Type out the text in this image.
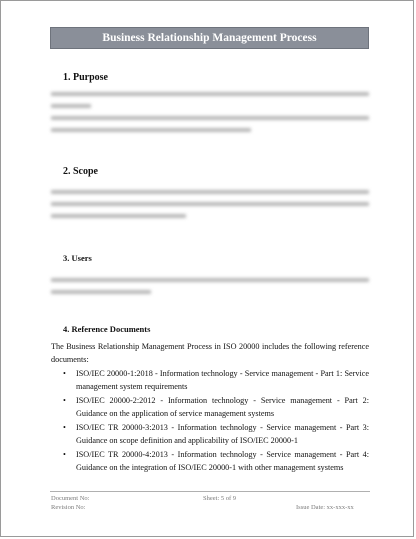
Business Relationship Management Process
1. Purpose
2. Scope
3. Users
4. Reference Documents
The Business Relationship Management Process in ISO 20000 includes the following reference documents:
• ISO/IEC 20000-1:2018 - Information technology - Service management - Part 1: Service management system requirements
• ISO/IEC 20000-2:2012 - Information technology - Service management - Part 2: Guidance on the application of service management systems
• ISO/IEC TR 20000-3:2013 - Information technology - Service management - Part 3: Guidance on scope definition and applicability of ISO/IEC 20000-1
• ISO/IEC TR 20000-4:2013 - Information technology - Service management - Part 4: Guidance on the integration of ISO/IEC 20000-1 with other management systems
Document No:
Revision No:
Sheet: 5 of 9
Issue Date: xx-xxx-xx
